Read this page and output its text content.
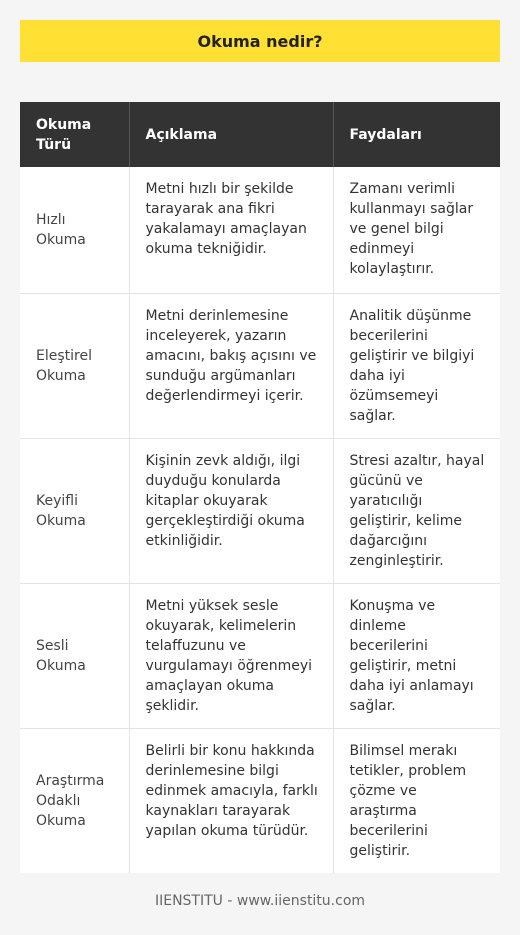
Okuma nedir?
Okuma Türü	Açıklama	Faydaları
Hızlı Okuma	Metni hızlı bir şekilde tarayarak ana fikri yakalamayı amaçlayan okuma tekniğidir.	Zamanı verimli kullanmayı sağlar ve genel bilgi edinmeyi kolaylaştırır.
Eleştirel Okuma	Metni derinlemesine inceleyerek, yazarın amacını, bakış açısını ve sunduğu argümanları değerlendirmeyi içerir.	Analitik düşünme becerilerini geliştirir ve bilgiyi daha iyi özümsemeyi sağlar.
Keyifli Okuma	Kişinin zevk aldığı, ilgi duyduğu konularda kitaplar okuyarak gerçekleştirdiği okuma etkinliğidir.	Stresi azaltır, hayal gücünü ve yaratıcılığı geliştirir, kelime dağarcığını zenginleştirir.
Sesli Okuma	Metni yüksek sesle okuyarak, kelimelerin telaffuzunu ve vurgulamayı öğrenmeyi amaçlayan okuma şeklidir.	Konuşma ve dinleme becerilerini geliştirir, metni daha iyi anlamayı sağlar.
Araştırma Odaklı Okuma	Belirli bir konu hakkında derinlemesine bilgi edinmek amacıyla, farklı kaynakları tarayarak yapılan okuma türüdür.	Bilimsel merakı tetikler, problem çözme ve araştırma becerilerini geliştirir.
IIENSTITU - www.iienstitu.com
